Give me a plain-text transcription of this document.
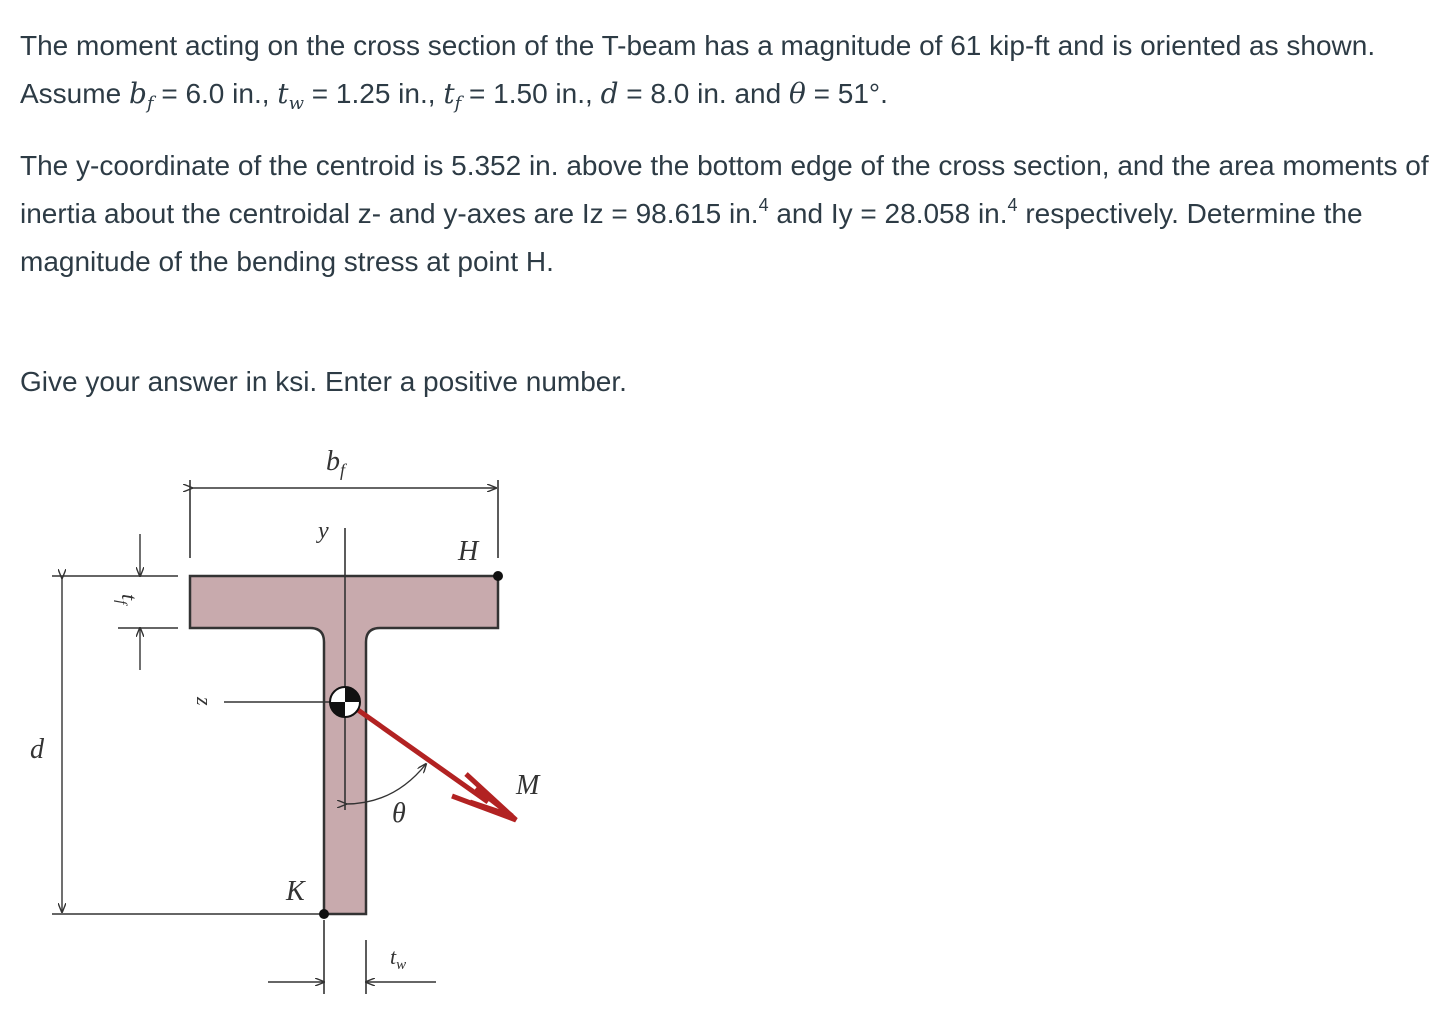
The moment acting on the cross section of the T-beam has a magnitude of 61 kip-ft and is oriented as shown. Assume $b_f = 6.0$ in., $t_w = 1.25$ in., $t_f = 1.50$ in., d = 8.0 in. and θ = 51°.

The y-coordinate of the centroid is 5.352 in. above the bottom edge of the cross section, and the area moments of inertia about the centroidal z- and y-axes are Iz = 98.615 in.$^4$ and Iy = 28.058 in.$^4$ respectively. Determine the magnitude of the bending stress at point H.

Give your answer in ksi. Enter a positive number.

$b_f$
y
H
$t_f$
z
d
M
θ
K
$t_w$
